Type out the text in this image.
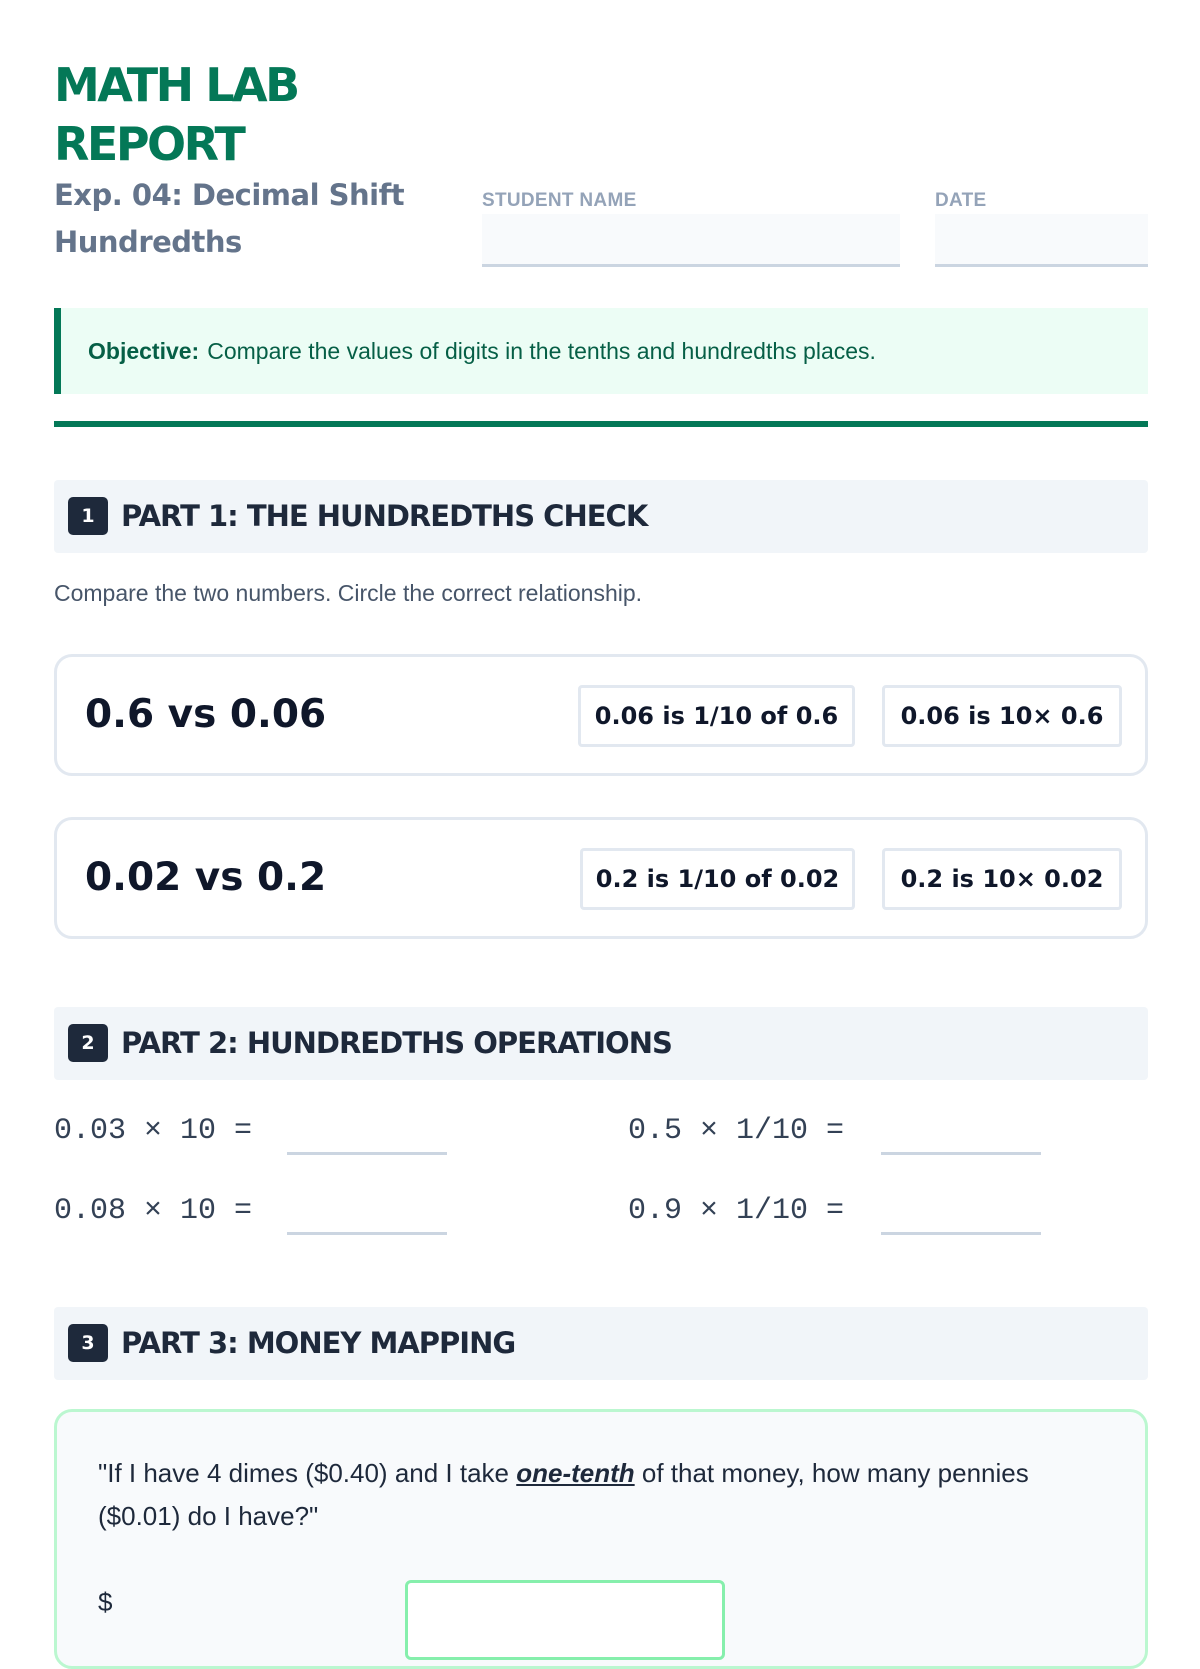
MATH LAB REPORT
Exp. 04: Decimal Shift Hundredths
STUDENT NAME	DATE
Objective: Compare the values of digits in the tenths and hundredths places.
1 PART 1: THE HUNDREDTHS CHECK
Compare the two numbers. Circle the correct relationship.
0.6 vs 0.06	0.06 is 1/10 of 0.6	0.06 is 10× 0.6
0.02 vs 0.2	0.2 is 1/10 of 0.02	0.2 is 10× 0.02
2 PART 2: HUNDREDTHS OPERATIONS
0.03 × 10 =	0.5 × 1/10 =
0.08 × 10 =	0.9 × 1/10 =
3 PART 3: MONEY MAPPING
"If I have 4 dimes ($0.40) and I take one-tenth of that money, how many pennies ($0.01) do I have?"
$
